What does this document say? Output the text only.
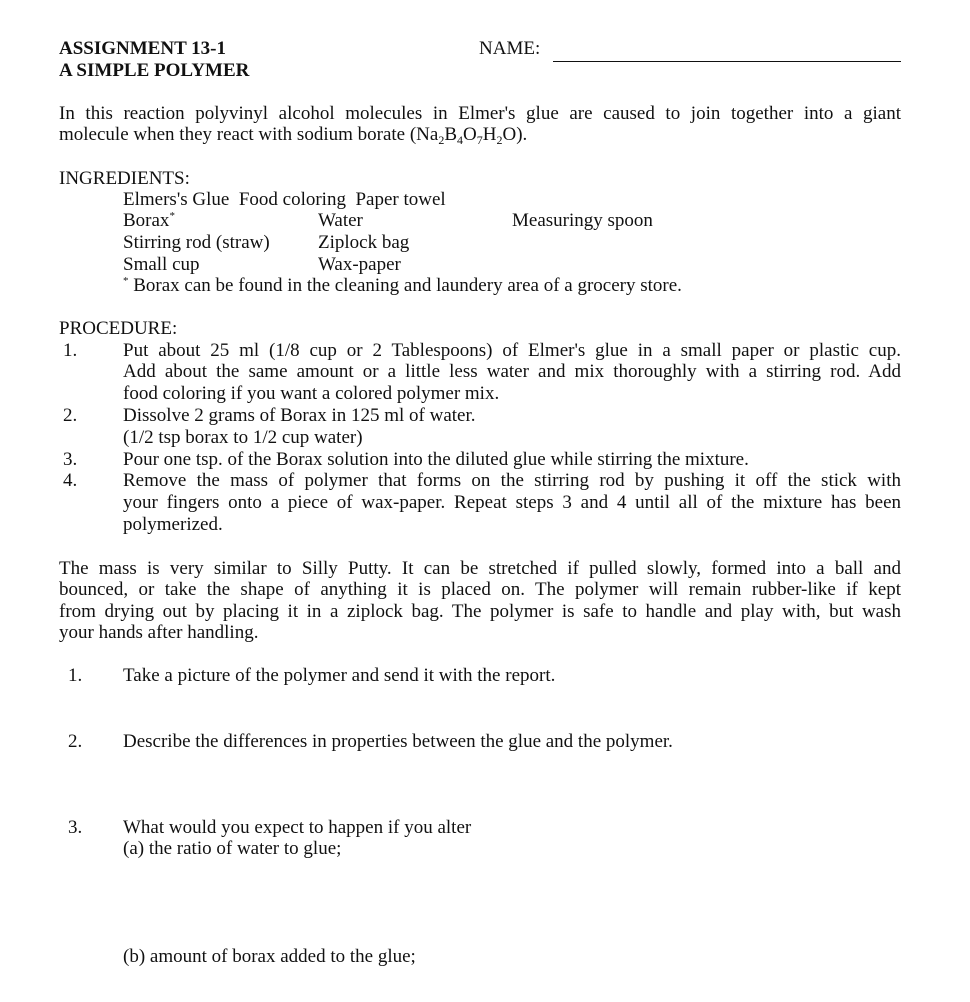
ASSIGNMENT 13-1
A SIMPLE POLYMER
NAME:
In this reaction polyvinyl alcohol molecules in Elmer's glue are caused to join together into a giant
molecule when they react with sodium borate $(Na_2B_4O_7H_2O)$.
INGREDIENTS:
Elmers's Glue  Food coloring  Paper towel
Borax*	Water	Measuringy spoon
Stirring rod (straw)	Ziplock bag
Small cup	Wax-paper
* Borax can be found in the cleaning and laundery area of a grocery store.
PROCEDURE:
1. Put about 25 ml (1/8 cup or 2 Tablespoons) of Elmer's glue in a small paper or plastic cup.
Add about the same amount or a little less water and mix thoroughly with a stirring rod. Add
food coloring if you want a colored polymer mix.
2. Dissolve 2 grams of Borax in 125 ml of water.
(1/2 tsp borax to 1/2 cup water)
3. Pour one tsp. of the Borax solution into the diluted glue while stirring the mixture.
4. Remove the mass of polymer that forms on the stirring rod by pushing it off the stick with
your fingers onto a piece of wax-paper. Repeat steps 3 and 4 until all of the mixture has been
polymerized.
The mass is very similar to Silly Putty. It can be stretched if pulled slowly, formed into a ball and
bounced, or take the shape of anything it is placed on. The polymer will remain rubber-like if kept
from drying out by placing it in a ziplock bag. The polymer is safe to handle and play with, but wash
your hands after handling.
1. Take a picture of the polymer and send it with the report.
2. Describe the differences in properties between the glue and the polymer.
3. What would you expect to happen if you alter
(a) the ratio of water to glue;
(b) amount of borax added to the glue;
